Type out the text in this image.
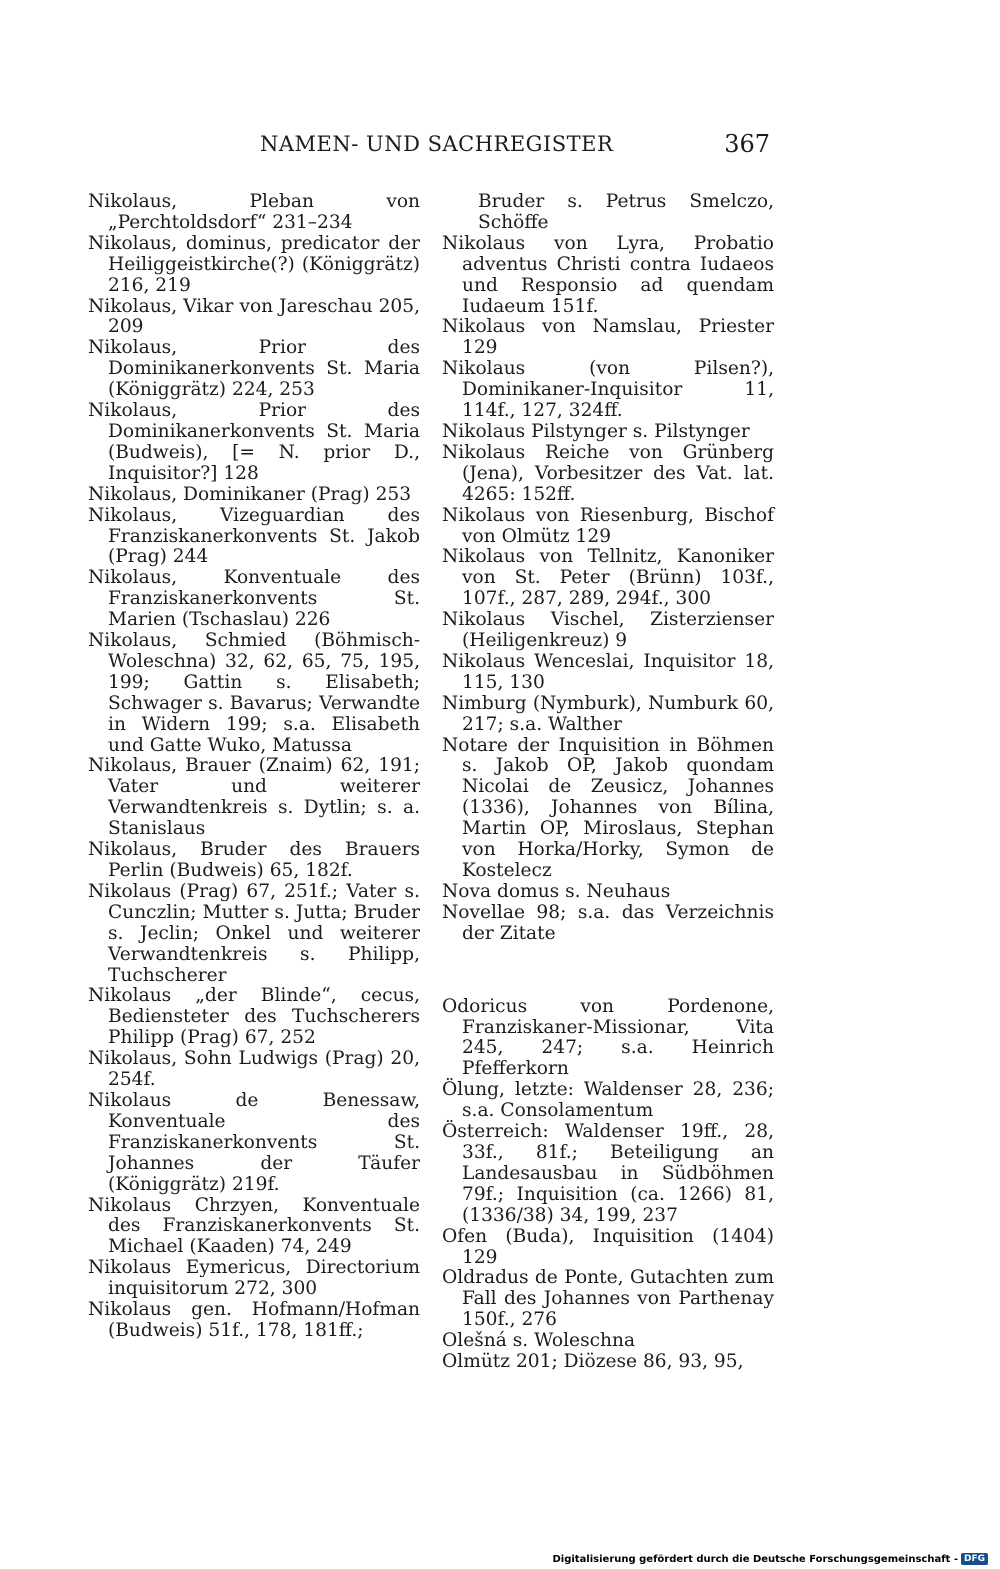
NAMEN- UND SACHREGISTER	367
Nikolaus, Pleban von „Perchtoldsdorf“ 231–234
Nikolaus, dominus, predicator der Heiliggeistkirche(?) (Königgrätz) 216, 219
Nikolaus, Vikar von Jareschau 205, 209
Nikolaus, Prior des Dominikanerkonvents St. Maria (Königgrätz) 224, 253
Nikolaus, Prior des Dominikanerkonvents St. Maria (Budweis), [= N. prior D., Inquisitor?] 128
Nikolaus, Dominikaner (Prag) 253
Nikolaus, Vizeguardian des Franziskanerkonvents St. Jakob (Prag) 244
Nikolaus, Konventuale des Franziskanerkonvents St. Marien (Tschaslau) 226
Nikolaus, Schmied (Böhmisch-Woleschna) 32, 62, 65, 75, 195, 199; Gattin s. Elisabeth; Schwager s. Bavarus; Verwandte in Widern 199; s.a. Elisabeth und Gatte Wuko, Matussa
Nikolaus, Brauer (Znaim) 62, 191; Vater und weiterer Verwandtenkreis s. Dytlin; s. a. Stanislaus
Nikolaus, Bruder des Brauers Perlin (Budweis) 65, 182f.
Nikolaus (Prag) 67, 251f.; Vater s. Cunczlin; Mutter s. Jutta; Bruder s. Jeclin; Onkel und weiterer Verwandtenkreis s. Philipp, Tuchscherer
Nikolaus „der Blinde“, cecus, Bediensteter des Tuchscherers Philipp (Prag) 67, 252
Nikolaus, Sohn Ludwigs (Prag) 20, 254f.
Nikolaus de Benessaw, Konventuale des Franziskanerkonvents St. Johannes der Täufer (Königgrätz) 219f.
Nikolaus Chrzyen, Konventuale des Franziskanerkonvents St. Michael (Kaaden) 74, 249
Nikolaus Eymericus, Directorium inquisitorum 272, 300
Nikolaus gen. Hofmann/Hofman (Budweis) 51f., 178, 181ff.;
Bruder s. Petrus Smelczo, Schöffe
Nikolaus von Lyra, Probatio adventus Christi contra Iudaeos und Responsio ad quendam Iudaeum 151f.
Nikolaus von Namslau, Priester 129
Nikolaus (von Pilsen?), Dominikaner-Inquisitor 11, 114f., 127, 324ff.
Nikolaus Pilstynger s. Pilstynger
Nikolaus Reiche von Grünberg (Jena), Vorbesitzer des Vat. lat. 4265: 152ff.
Nikolaus von Riesenburg, Bischof von Olmütz 129
Nikolaus von Tellnitz, Kanoniker von St. Peter (Brünn) 103f., 107f., 287, 289, 294f., 300
Nikolaus Vischel, Zisterzienser (Heiligenkreuz) 9
Nikolaus Wenceslai, Inquisitor 18, 115, 130
Nimburg (Nymburk), Numburk 60, 217; s.a. Walther
Notare der Inquisition in Böhmen s. Jakob OP, Jakob quondam Nicolai de Zeusicz, Johannes (1336), Johannes von Bílina, Martin OP, Miroslaus, Stephan von Horka/Horky, Symon de Kostelecz
Nova domus s. Neuhaus
Novellae 98; s.a. das Verzeichnis der Zitate
Odoricus von Pordenone, Franziskaner-Missionar, Vita 245, 247; s.a. Heinrich Pfefferkorn
Ölung, letzte: Waldenser 28, 236; s.a. Consolamentum
Österreich: Waldenser 19ff., 28, 33f., 81f.; Beteiligung an Landesausbau in Südböhmen 79f.; Inquisition (ca. 1266) 81, (1336/38) 34, 199, 237
Ofen (Buda), Inquisition (1404) 129
Oldradus de Ponte, Gutachten zum Fall des Johannes von Parthenay 150f., 276
Olešná s. Woleschna
Olmütz 201; Diözese 86, 93, 95,
Digitalisierung gefördert durch die Deutsche Forschungsgemeinschaft - DFG
